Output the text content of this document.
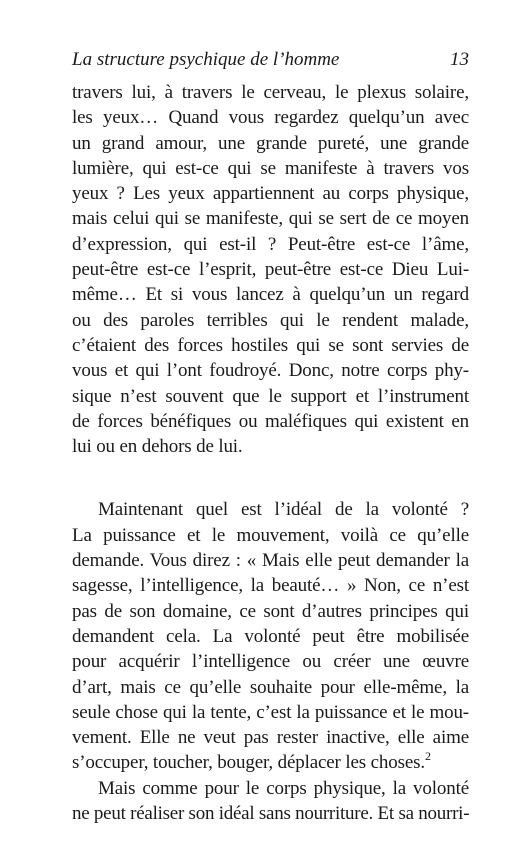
La structure psychique de l’homme	13

travers lui, à travers le cerveau, le plexus solaire,
les yeux… Quand vous regardez quelqu’un avec
un grand amour, une grande pureté, une grande
lumière, qui est-ce qui se manifeste à travers vos
yeux ? Les yeux appartiennent au corps physique,
mais celui qui se manifeste, qui se sert de ce moyen
d’expression, qui est-il ? Peut-être est-ce l’âme,
peut-être est-ce l’esprit, peut-être est-ce Dieu Lui-
même… Et si vous lancez à quelqu’un un regard
ou des paroles terribles qui le rendent malade,
c’étaient des forces hostiles qui se sont servies de
vous et qui l’ont foudroyé. Donc, notre corps phy-
sique n’est souvent que le support et l’instrument
de forces bénéfiques ou maléfiques qui existent en
lui ou en dehors de lui.

Maintenant quel est l’idéal de la volonté ?
La puissance et le mouvement, voilà ce qu’elle
demande. Vous direz : « Mais elle peut demander la
sagesse, l’intelligence, la beauté… » Non, ce n’est
pas de son domaine, ce sont d’autres principes qui
demandent cela. La volonté peut être mobilisée
pour acquérir l’intelligence ou créer une œuvre
d’art, mais ce qu’elle souhaite pour elle-même, la
seule chose qui la tente, c’est la puissance et le mou-
vement. Elle ne veut pas rester inactive, elle aime
s’occuper, toucher, bouger, déplacer les choses.$^2$

Mais comme pour le corps physique, la volonté
ne peut réaliser son idéal sans nourriture. Et sa nourri-
